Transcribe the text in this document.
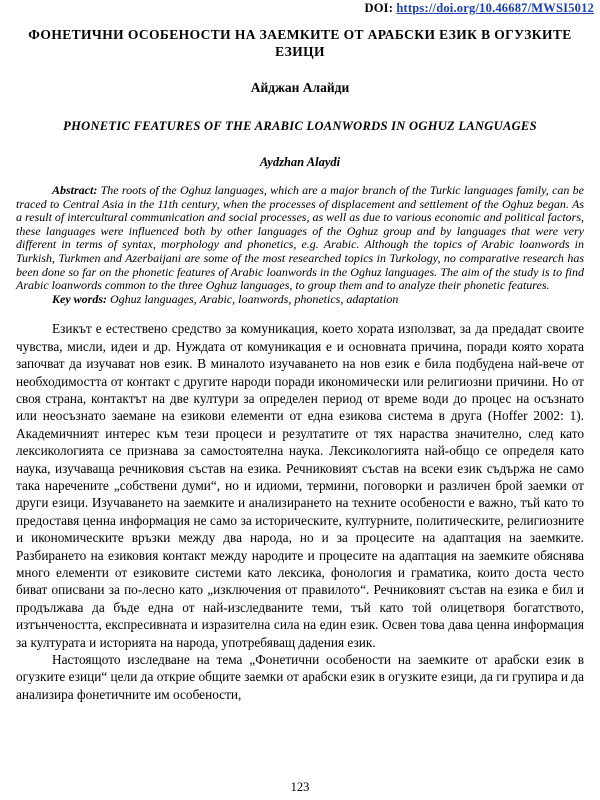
DOI: https://doi.org/10.46687/MWSI5012

ФОНЕТИЧНИ ОСОБЕНОСТИ НА ЗАЕМКИТЕ ОТ АРАБСКИ ЕЗИК В ОГУЗКИТЕ ЕЗИЦИ

Айджан Алайди

PHONETIC FEATURES OF THE ARABIC LOANWORDS IN OGHUZ LANGUAGES

Aydzhan Alaydi

Abstract: The roots of the Oghuz languages, which are a major branch of the Turkic languages family, can be traced to Central Asia in the 11th century, when the processes of displacement and settlement of the Oghuz began. As a result of intercultural communication and social processes, as well as due to various economic and political factors, these languages were influenced both by other languages of the Oghuz group and by languages that were very different in terms of syntax, morphology and phonetics, e.g. Arabic. Although the topics of Arabic loanwords in Turkish, Turkmen and Azerbaijani are some of the most researched topics in Turkology, no comparative research has been done so far on the phonetic features of Arabic loanwords in the Oghuz languages. The aim of the study is to find Arabic loanwords common to the three Oghuz languages, to group them and to analyze their phonetic features.

Key words: Oghuz languages, Arabic, loanwords, phonetics, adaptation

Езикът е естествено средство за комуникация, което хората използват, за да предадат своите чувства, мисли, идеи и др. Нуждата от комуникация е и основната причина, поради която хората започват да изучават нов език. В миналото изучаването на нов език е била подбудена най-вече от необходимостта от контакт с другите народи поради икономически или религиозни причини. Но от своя страна, контактът на две култури за определен период от време води до процес на осъзнато или неосъзнато заемане на езикови елементи от една езикова система в друга (Hoffer 2002: 1). Академичният интерес към тези процеси и резултатите от тях нараства значително, след като лексикологията се признава за самостоятелна наука. Лексикологията най-общо се определя като наука, изучаваща речниковия състав на езика. Речниковият състав на всеки език съдържа не само така наречените „собствени думи“, но и идиоми, термини, поговорки и различен брой заемки от други езици. Изучаването на заемките и анализирането на техните особености е важно, тъй като то предоставя ценна информация не само за историческите, културните, политическите, религиозните и икономическите връзки между два народа, но и за процесите на адаптация на заемките. Разбирането на езиковия контакт между народите и процесите на адаптация на заемките обяснява много елементи от езиковите системи като лексика, фонология и граматика, които доста често биват описвани за по-лесно като „изключения от правилото“. Речниковият състав на езика е бил и продължава да бъде една от най-изследваните теми, тъй като той олицетворя богатството, изтънчеността, експресивната и изразителна сила на един език. Освен това дава ценна информация за културата и историята на народа, употребяващ дадения език.

Настоящото изследване на тема „Фонетични особености на заемките от арабски език в огузките езици“ цели да открие общите заемки от арабски език в огузките езици, да ги групира и да анализира фонетичните им особености,

123
